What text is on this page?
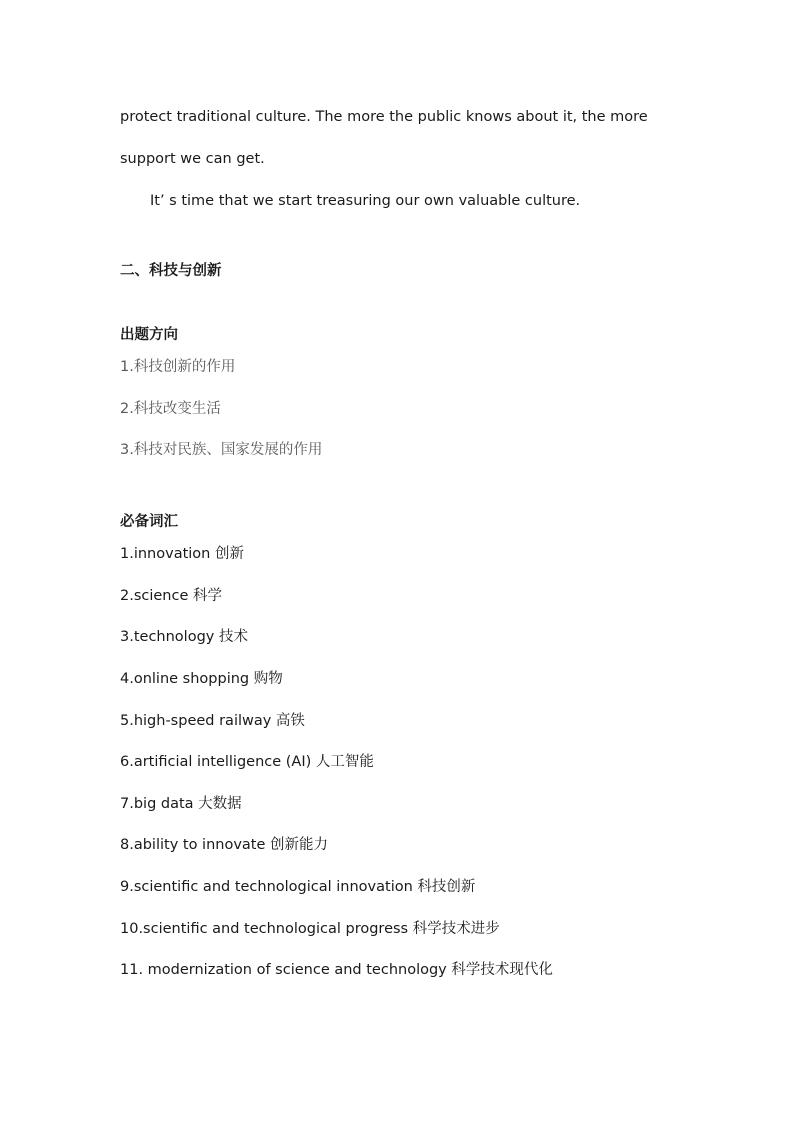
protect traditional culture. The more the public knows about it, the more
support we can get.
It’ s time that we start treasuring our own valuable culture.
二、科技与创新
出题方向
1.科技创新的作用
2.科技改变生活
3.科技对民族、国家发展的作用
必备词汇
1.innovation 创新
2.science 科学
3.technology 技术
4.online shopping 购物
5.high-speed railway 高铁
6.artificial intelligence (AI) 人工智能
7.big data 大数据
8.ability to innovate 创新能力
9.scientific and technological innovation 科技创新
10.scientific and technological progress 科学技术进步
11. modernization of science and technology 科学技术现代化
